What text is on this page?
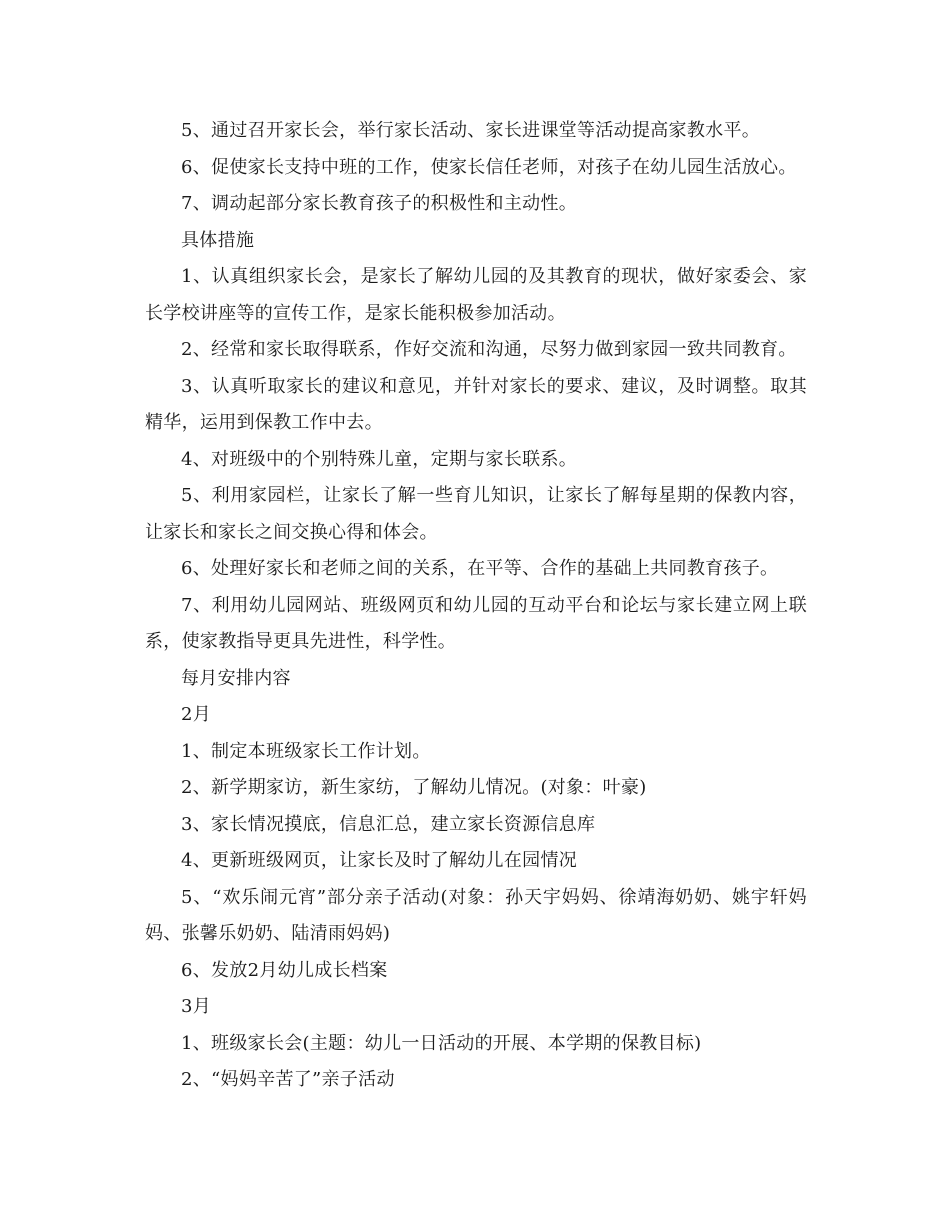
5、通过召开家长会，举行家长活动、家长进课堂等活动提高家教水平。

6、促使家长支持中班的工作，使家长信任老师，对孩子在幼儿园生活放心。

7、调动起部分家长教育孩子的积极性和主动性。

具体措施

1、认真组织家长会，是家长了解幼儿园的及其教育的现状，做好家委会、家长学校讲座等的宣传工作，是家长能积极参加活动。

2、经常和家长取得联系，作好交流和沟通，尽努力做到家园一致共同教育。

3、认真听取家长的建议和意见，并针对家长的要求、建议，及时调整。取其精华，运用到保教工作中去。

4、对班级中的个别特殊儿童，定期与家长联系。

5、利用家园栏，让家长了解一些育儿知识，让家长了解每星期的保教内容，让家长和家长之间交换心得和体会。

6、处理好家长和老师之间的关系，在平等、合作的基础上共同教育孩子。

7、利用幼儿园网站、班级网页和幼儿园的互动平台和论坛与家长建立网上联系，使家教指导更具先进性，科学性。

每月安排内容

2月

1、制定本班级家长工作计划。

2、新学期家访，新生家纺，了解幼儿情况。(对象：叶豪)

3、家长情况摸底，信息汇总，建立家长资源信息库

4、更新班级网页，让家长及时了解幼儿在园情况

5、“欢乐闹元宵”部分亲子活动(对象：孙天宇妈妈、徐靖海奶奶、姚宇轩妈妈、张馨乐奶奶、陆清雨妈妈)

6、发放2月幼儿成长档案

3月

1、班级家长会(主题：幼儿一日活动的开展、本学期的保教目标)

2、“妈妈辛苦了”亲子活动
